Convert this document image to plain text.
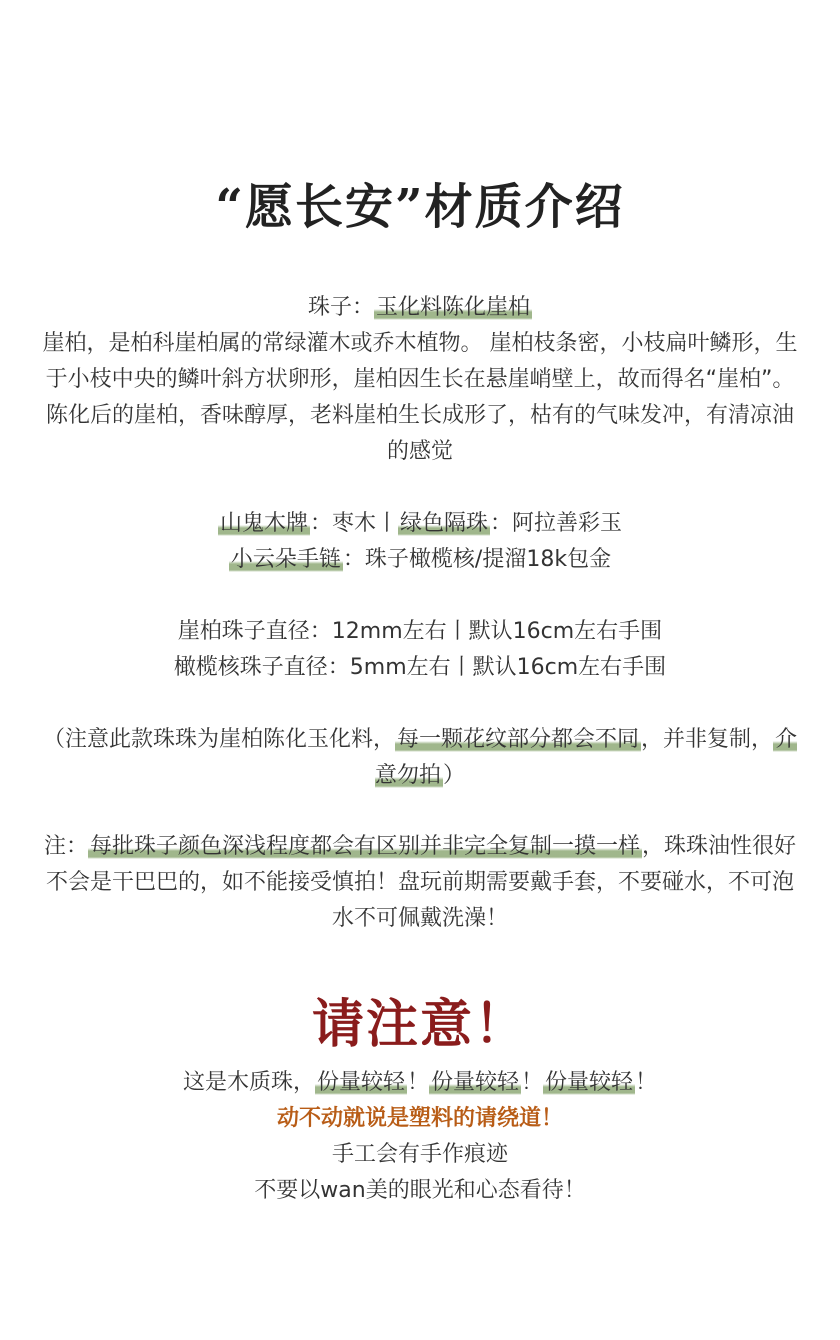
“愿长安”材质介绍

珠子：玉化料陈化崖柏

崖柏，是柏科崖柏属的常绿灌木或乔木植物。 崖柏枝条密，小枝扁叶鳞形，生于小枝中央的鳞叶斜方状卵形，崖柏因生长在悬崖峭壁上，故而得名“崖柏”。陈化后的崖柏，香味醇厚，老料崖柏生长成形了，枯有的气味发冲，有清凉油的感觉

山鬼木牌：枣木丨绿色隔珠：阿拉善彩玉

小云朵手链：珠子橄榄核/提溜18k包金

崖柏珠子直径：12mm左右丨默认16cm左右手围

橄榄核珠子直径：5mm左右丨默认16cm左右手围

（注意此款珠珠为崖柏陈化玉化料，每一颗花纹部分都会不同，并非复制，介意勿拍）

注：每批珠子颜色深浅程度都会有区别并非完全复制一摸一样，珠珠油性很好不会是干巴巴的，如不能接受慎拍！盘玩前期需要戴手套，不要碰水，不可泡水不可佩戴洗澡！

请注意！

这是木质珠，份量较轻！份量较轻！份量较轻！

动不动就说是塑料的请绕道！

手工会有手作痕迹

不要以wan美的眼光和心态看待！
